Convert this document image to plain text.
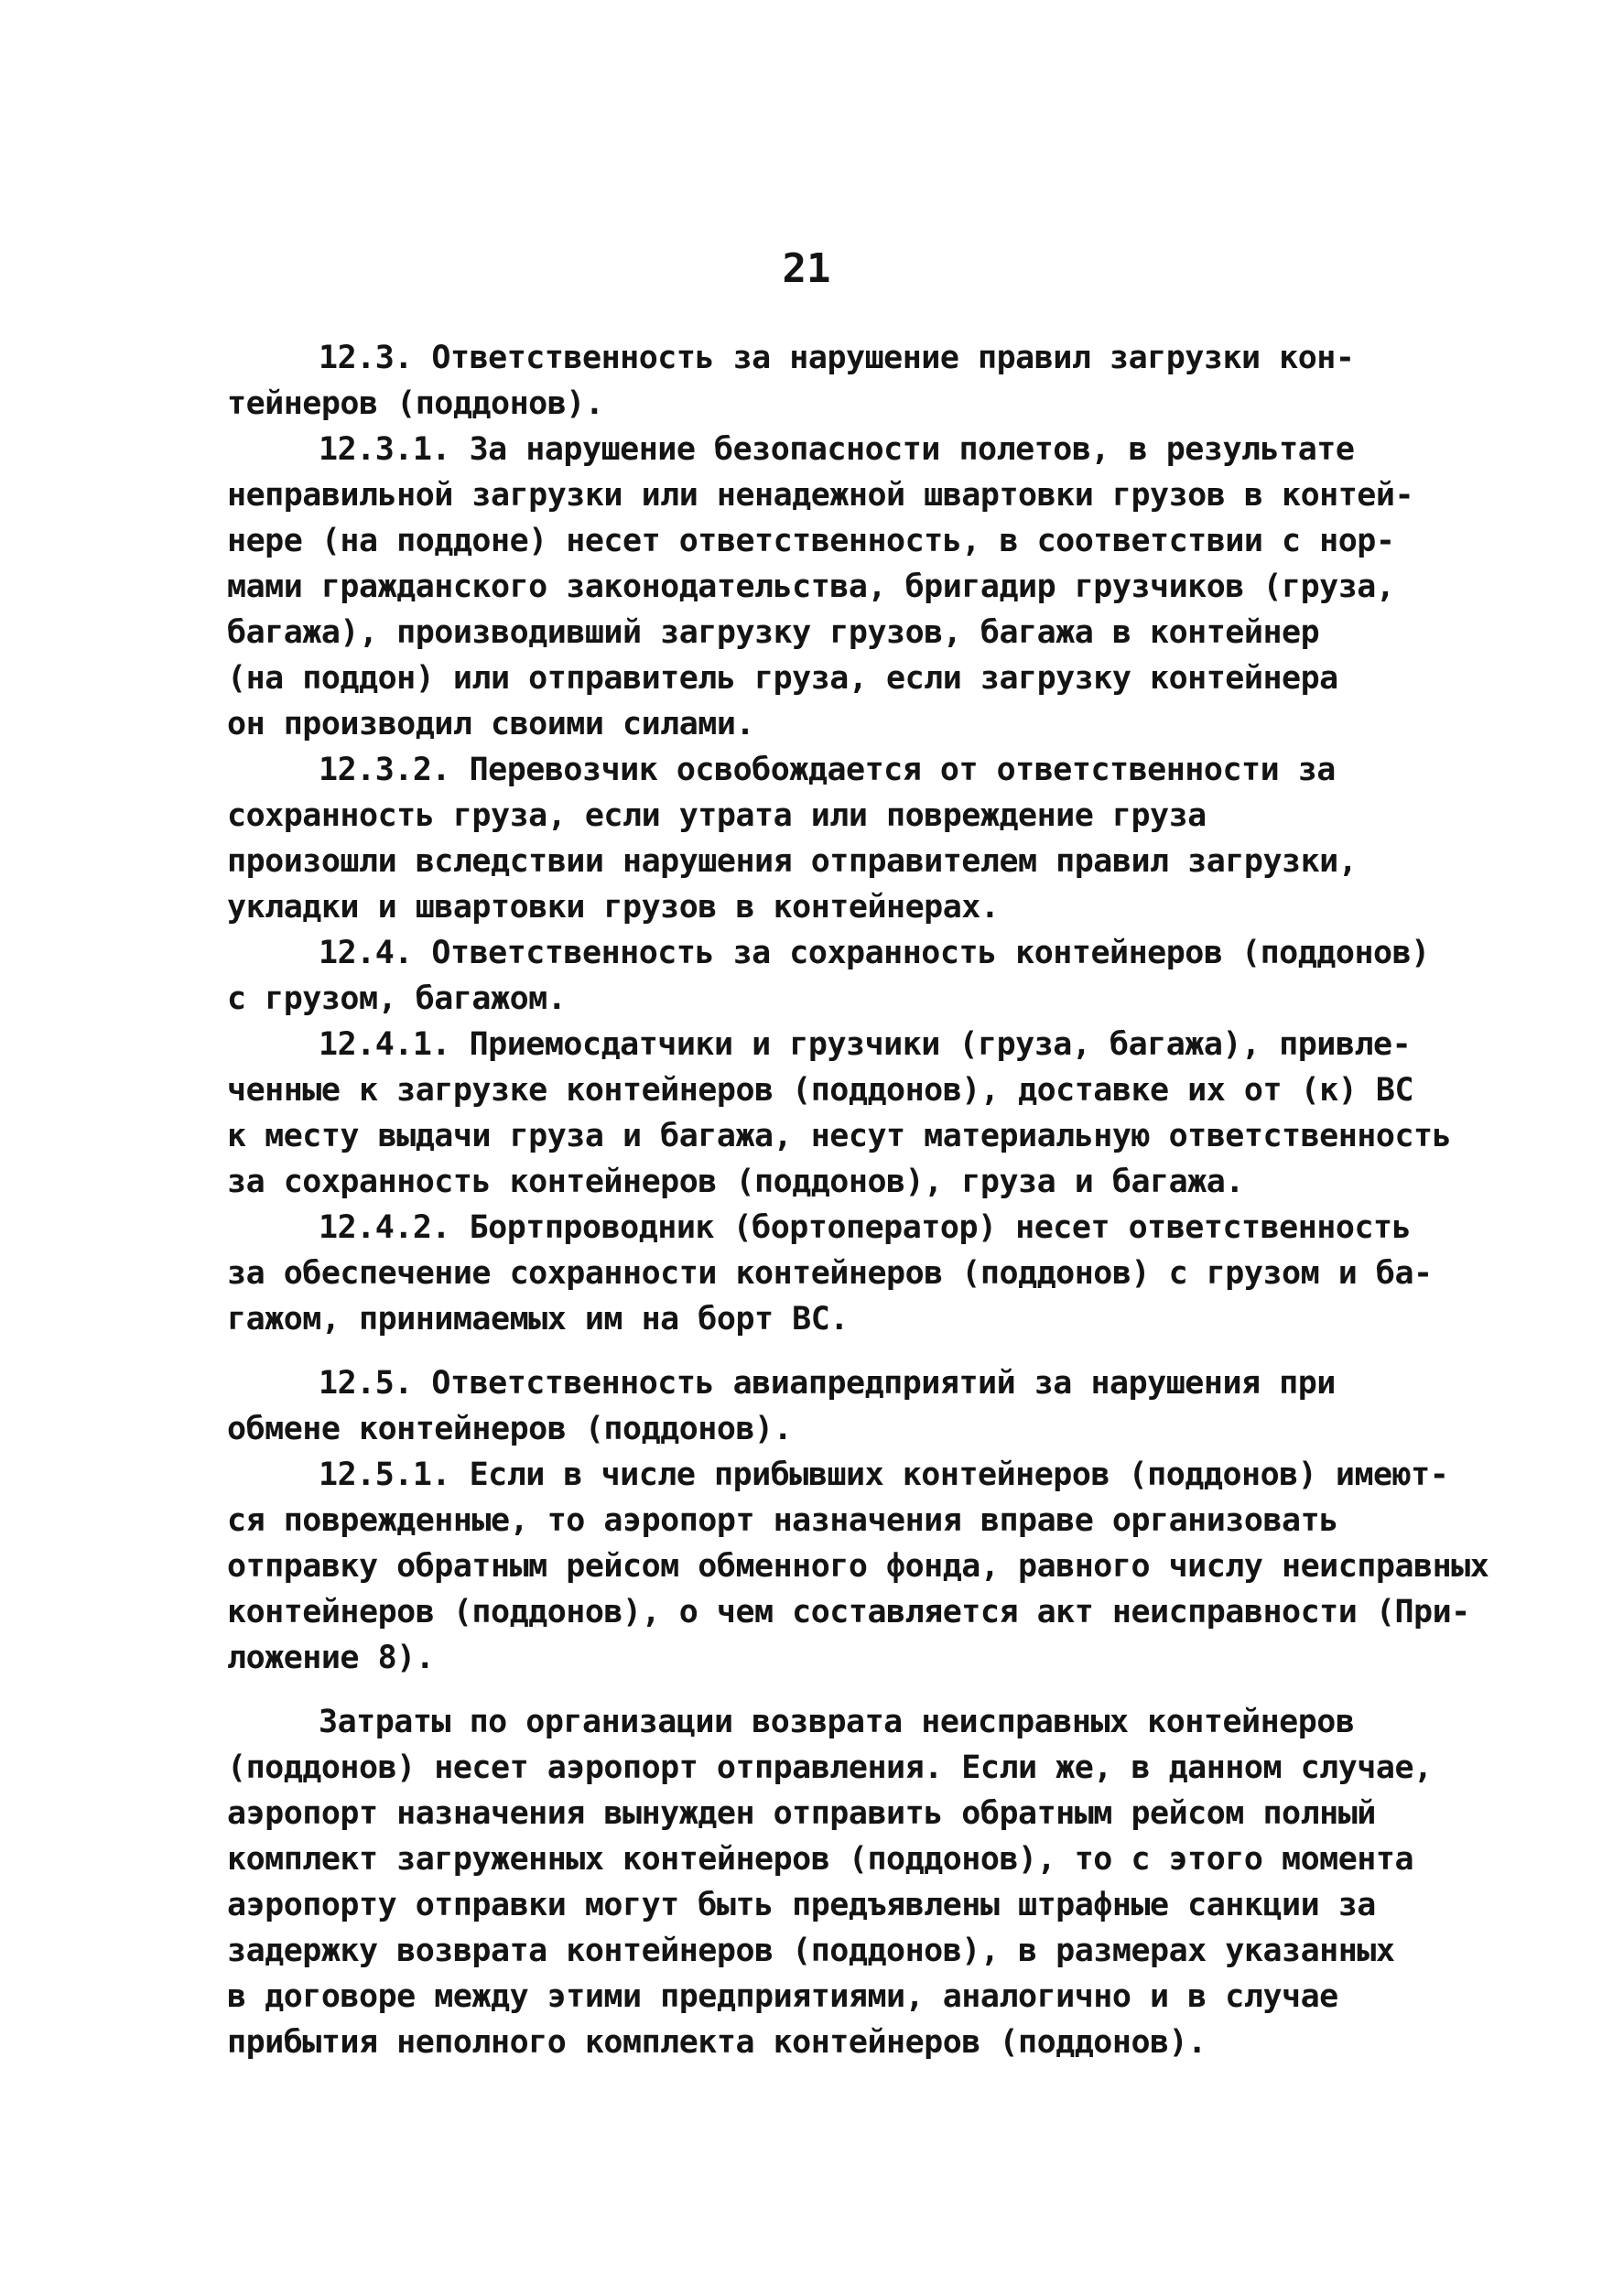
21
12.3. Ответственность за нарушение правил загрузки кон-
тейнеров (поддонов).
12.3.1. За нарушение безопасности полетов, в результате
неправильной загрузки или ненадежной швартовки грузов в контей-
нере (на поддоне) несет ответственность, в соответствии с нор-
мами гражданского законодательства, бригадир грузчиков (груза,
багажа), производивший загрузку грузов, багажа в контейнер
(на поддон) или отправитель груза, если загрузку контейнера
он производил своими силами.
12.3.2. Перевозчик освобождается от ответственности за
сохранность груза, если утрата или повреждение груза
произошли вследствии нарушения отправителем правил загрузки,
укладки и швартовки грузов в контейнерах.
12.4. Ответственность за сохранность контейнеров (поддонов)
с грузом, багажом.
12.4.1. Приемосдатчики и грузчики (груза, багажа), привле-
ченные к загрузке контейнеров (поддонов), доставке их от (к) ВС
к месту выдачи груза и багажа, несут материальную ответственность
за сохранность контейнеров (поддонов), груза и багажа.
12.4.2. Бортпроводник (бортоператор) несет ответственность
за обеспечение сохранности контейнеров (поддонов) с грузом и ба-
гажом, принимаемых им на борт ВС.
12.5. Ответственность авиапредприятий за нарушения при
обмене контейнеров (поддонов).
12.5.1. Если в числе прибывших контейнеров (поддонов) имеют-
ся поврежденные, то аэропорт назначения вправе организовать
отправку обратным рейсом обменного фонда, равного числу неисправных
контейнеров (поддонов), о чем составляется акт неисправности (При-
ложение 8).
Затраты по организации возврата неисправных контейнеров
(поддонов) несет аэропорт отправления. Если же, в данном случае,
аэропорт назначения вынужден отправить обратным рейсом полный
комплект загруженных контейнеров (поддонов), то с этого момента
аэропорту отправки могут быть предъявлены штрафные санкции за
задержку возврата контейнеров (поддонов), в размерах указанных
в договоре между этими предприятиями, аналогично и в случае
прибытия неполного комплекта контейнеров (поддонов).
